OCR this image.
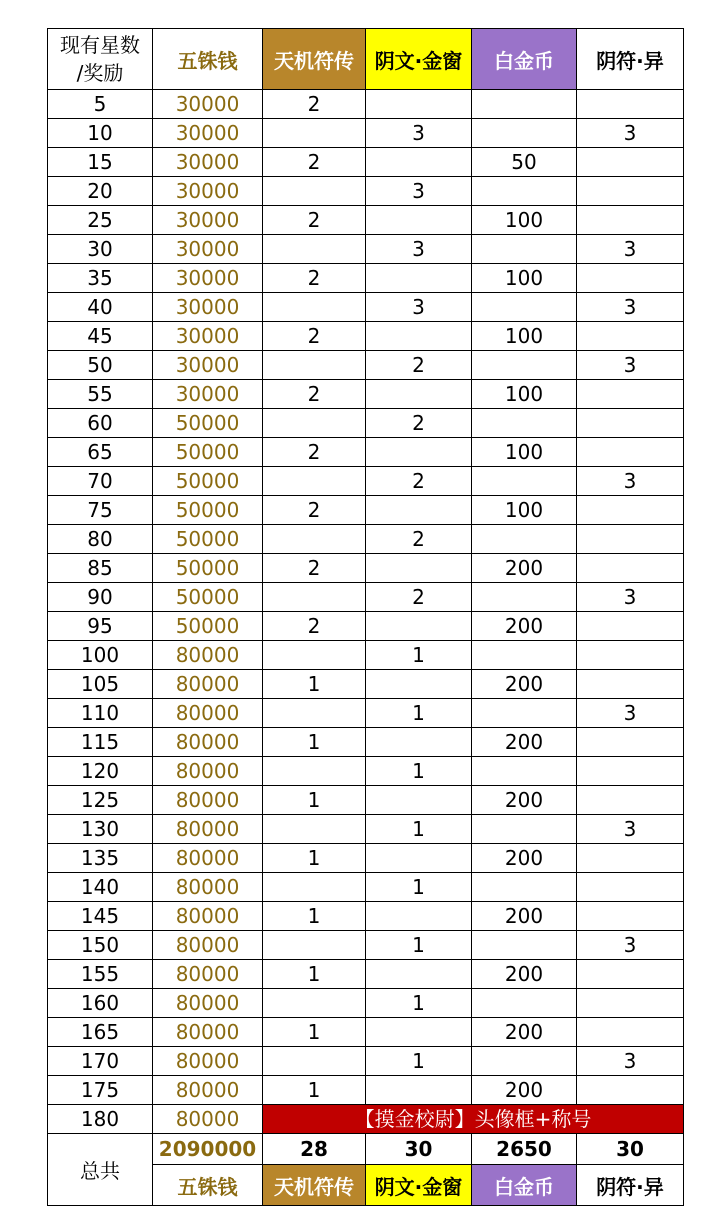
现有星数
/奖励	五铢钱	天机符传	阴文·金窗	白金币	阴符·异
5	30000	2			
10	30000		3		3
15	30000	2		50	
20	30000		3		
25	30000	2		100	
30	30000		3		3
35	30000	2		100	
40	30000		3		3
45	30000	2		100	
50	30000		2		3
55	30000	2		100	
60	50000		2		
65	50000	2		100	
70	50000		2		3
75	50000	2		100	
80	50000		2		
85	50000	2		200	
90	50000		2		3
95	50000	2		200	
100	80000		1		
105	80000	1		200	
110	80000		1		3
115	80000	1		200	
120	80000		1		
125	80000	1		200	
130	80000		1		3
135	80000	1		200	
140	80000		1		
145	80000	1		200	
150	80000		1		3
155	80000	1		200	
160	80000		1		
165	80000	1		200	
170	80000		1		3
175	80000	1		200	
180	80000	【摸金校尉】头像框+称号			
总共	2090000	28	30	2650	30
	五铢钱	天机符传	阴文·金窗	白金币	阴符·异
